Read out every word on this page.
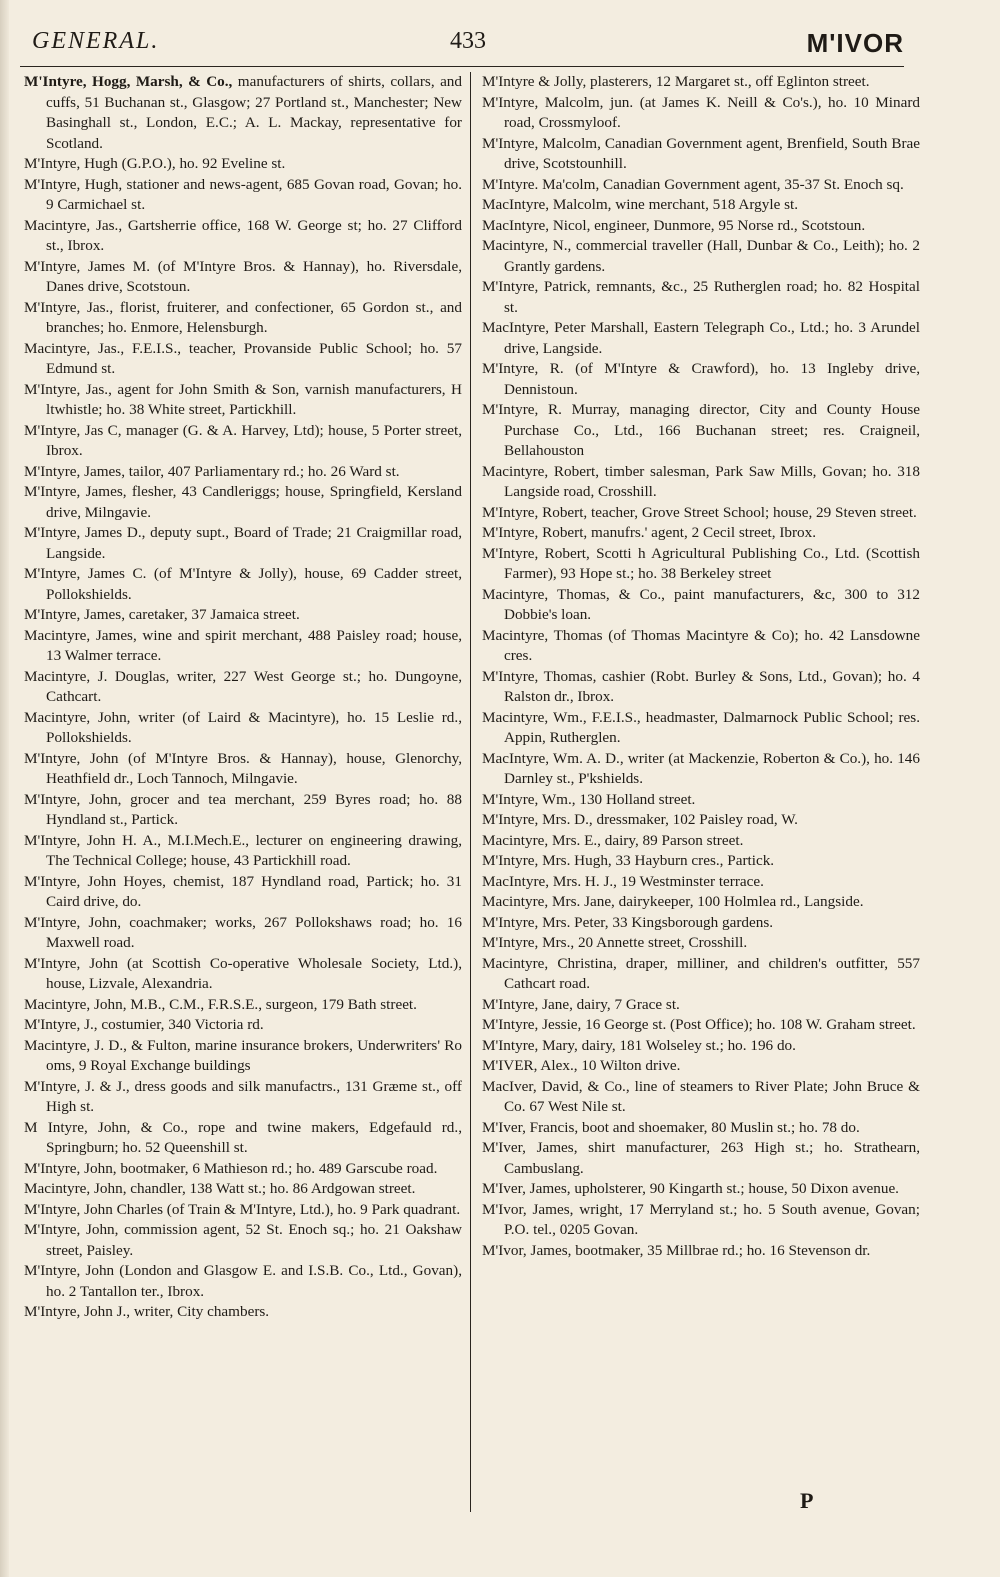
GENERAL.	433	M'IVOR

M'Intyre, Hogg, Marsh, & Co., manufacturers of shirts, collars, and cuffs, 51 Buchanan st., Glasgow; 27 Portland st., Manchester; New Basinghall st., London, E.C.; A. L. Mackay, representative for Scotland.

M'Intyre, Hugh (G.P.O.), ho. 92 Eveline st.

M'Intyre, Hugh, stationer and news-agent, 685 Govan road, Govan; ho. 9 Carmichael st.

Macintyre, Jas., Gartsherrie office, 168 W. George st; ho. 27 Clifford st., Ibrox.

M'Intyre, James M. (of M'Intyre Bros. & Hannay), ho. Riversdale, Danes drive, Scotstoun.

M'Intyre, Jas., florist, fruiterer, and confectioner, 65 Gordon st., and branches; ho. Enmore, Helensburgh.

Macintyre, Jas., F.E.I.S., teacher, Provanside Public School; ho. 57 Edmund st.

M'Intyre, Jas., agent for John Smith & Son, varnish manufacturers, H ltwhistle; ho. 38 White street, Partickhill.

M'Intyre, Jas C, manager (G. & A. Harvey, Ltd); house, 5 Porter street, Ibrox.

M'Intyre, James, tailor, 407 Parliamentary rd.; ho. 26 Ward st.

M'Intyre, James, flesher, 43 Candleriggs; house, Springfield, Kersland drive, Milngavie.

M'Intyre, James D., deputy supt., Board of Trade; 21 Craigmillar road, Langside.

M'Intyre, James C. (of M'Intyre & Jolly), house, 69 Cadder street, Pollokshields.

M'Intyre, James, caretaker, 37 Jamaica street.

Macintyre, James, wine and spirit merchant, 488 Paisley road; house, 13 Walmer terrace.

Macintyre, J. Douglas, writer, 227 West George st.; ho. Dungoyne, Cathcart.

Macintyre, John, writer (of Laird & Macintyre), ho. 15 Leslie rd., Pollokshields.

M'Intyre, John (of M'Intyre Bros. & Hannay), house, Glenorchy, Heathfield dr., Loch Tannoch, Milngavie.

M'Intyre, John, grocer and tea merchant, 259 Byres road; ho. 88 Hyndland st., Partick.

M'Intyre, John H. A., M.I.Mech.E., lecturer on engineering drawing, The Technical College; house, 43 Partickhill road.

M'Intyre, John Hoyes, chemist, 187 Hyndland road, Partick; ho. 31 Caird drive, do.

M'Intyre, John, coachmaker; works, 267 Pollokshaws road; ho. 16 Maxwell road.

M'Intyre, John (at Scottish Co-operative Wholesale Society, Ltd.), house, Lizvale, Alexandria.

Macintyre, John, M.B., C.M., F.R.S.E., surgeon, 179 Bath street.

M'Intyre, J., costumier, 340 Victoria rd.

Macintyre, J. D., & Fulton, marine insurance brokers, Underwriters' Ro oms, 9 Royal Exchange buildings

M'Intyre, J. & J., dress goods and silk manufactrs., 131 Græme st., off High st.

M Intyre, John, & Co., rope and twine makers, Edgefauld rd., Springburn; ho. 52 Queenshill st.

M'Intyre, John, bootmaker, 6 Mathieson rd.; ho. 489 Garscube road.

Macintyre, John, chandler, 138 Watt st.; ho. 86 Ardgowan street.

M'Intyre, John Charles (of Train & M'Intyre, Ltd.), ho. 9 Park quadrant.

M'Intyre, John, commission agent, 52 St. Enoch sq.; ho. 21 Oakshaw street, Paisley.

M'Intyre, John (London and Glasgow E. and I.S.B. Co., Ltd., Govan), ho. 2 Tantallon ter., Ibrox.

M'Intyre, John J., writer, City chambers.

M'Intyre & Jolly, plasterers, 12 Margaret st., off Eglinton street.

M'Intyre, Malcolm, jun. (at James K. Neill & Co's.), ho. 10 Minard road, Crossmyloof.

M'Intyre, Malcolm, Canadian Government agent, Brenfield, South Brae drive, Scotstounhill.

M'Intyre. Ma'colm, Canadian Government agent, 35-37 St. Enoch sq.

MacIntyre, Malcolm, wine merchant, 518 Argyle st.

MacIntyre, Nicol, engineer, Dunmore, 95 Norse rd., Scotstoun.

Macintyre, N., commercial traveller (Hall, Dunbar & Co., Leith); ho. 2 Grantly gardens.

M'Intyre, Patrick, remnants, &c., 25 Rutherglen road; ho. 82 Hospital st.

MacIntyre, Peter Marshall, Eastern Telegraph Co., Ltd.; ho. 3 Arundel drive, Langside.

M'Intyre, R. (of M'Intyre & Crawford), ho. 13 Ingleby drive, Dennistoun.

M'Intyre, R. Murray, managing director, City and County House Purchase Co., Ltd., 166 Buchanan street; res. Craigneil, Bellahouston

Macintyre, Robert, timber salesman, Park Saw Mills, Govan; ho. 318 Langside road, Crosshill.

M'Intyre, Robert, teacher, Grove Street School; house, 29 Steven street.

M'Intyre, Robert, manufrs.' agent, 2 Cecil street, Ibrox.

M'Intyre, Robert, Scotti h Agricultural Publishing Co., Ltd. (Scottish Farmer), 93 Hope st.; ho. 38 Berkeley street

Macintyre, Thomas, & Co., paint manufacturers, &c, 300 to 312 Dobbie's loan.

Macintyre, Thomas (of Thomas Macintyre & Co); ho. 42 Lansdowne cres.

M'Intyre, Thomas, cashier (Robt. Burley & Sons, Ltd., Govan); ho. 4 Ralston dr., Ibrox.

Macintyre, Wm., F.E.I.S., headmaster, Dalmarnock Public School; res. Appin, Rutherglen.

MacIntyre, Wm. A. D., writer (at Mackenzie, Roberton & Co.), ho. 146 Darnley st., P'kshields.

M'Intyre, Wm., 130 Holland street.

M'Intyre, Mrs. D., dressmaker, 102 Paisley road, W.

Macintyre, Mrs. E., dairy, 89 Parson street.

M'Intyre, Mrs. Hugh, 33 Hayburn cres., Partick.

MacIntyre, Mrs. H. J., 19 Westminster terrace.

Macintyre, Mrs. Jane, dairykeeper, 100 Holmlea rd., Langside.

M'Intyre, Mrs. Peter, 33 Kingsborough gardens.

M'Intyre, Mrs., 20 Annette street, Crosshill.

Macintyre, Christina, draper, milliner, and children's outfitter, 557 Cathcart road.

M'Intyre, Jane, dairy, 7 Grace st.

M'Intyre, Jessie, 16 George st. (Post Office); ho. 108 W. Graham street.

M'Intyre, Mary, dairy, 181 Wolseley st.; ho. 196 do.

M'IVER, Alex., 10 Wilton drive.

MacIver, David, & Co., line of steamers to River Plate; John Bruce & Co. 67 West Nile st.

M'Iver, Francis, boot and shoemaker, 80 Muslin st.; ho. 78 do.

M'Iver, James, shirt manufacturer, 263 High st.; ho. Strathearn, Cambuslang.

M'Iver, James, upholsterer, 90 Kingarth st.; house, 50 Dixon avenue.

M'Ivor, James, wright, 17 Merryland st.; ho. 5 South avenue, Govan; P.O. tel., 0205 Govan.

M'Ivor, James, bootmaker, 35 Millbrae rd.; ho. 16 Stevenson dr.

P
